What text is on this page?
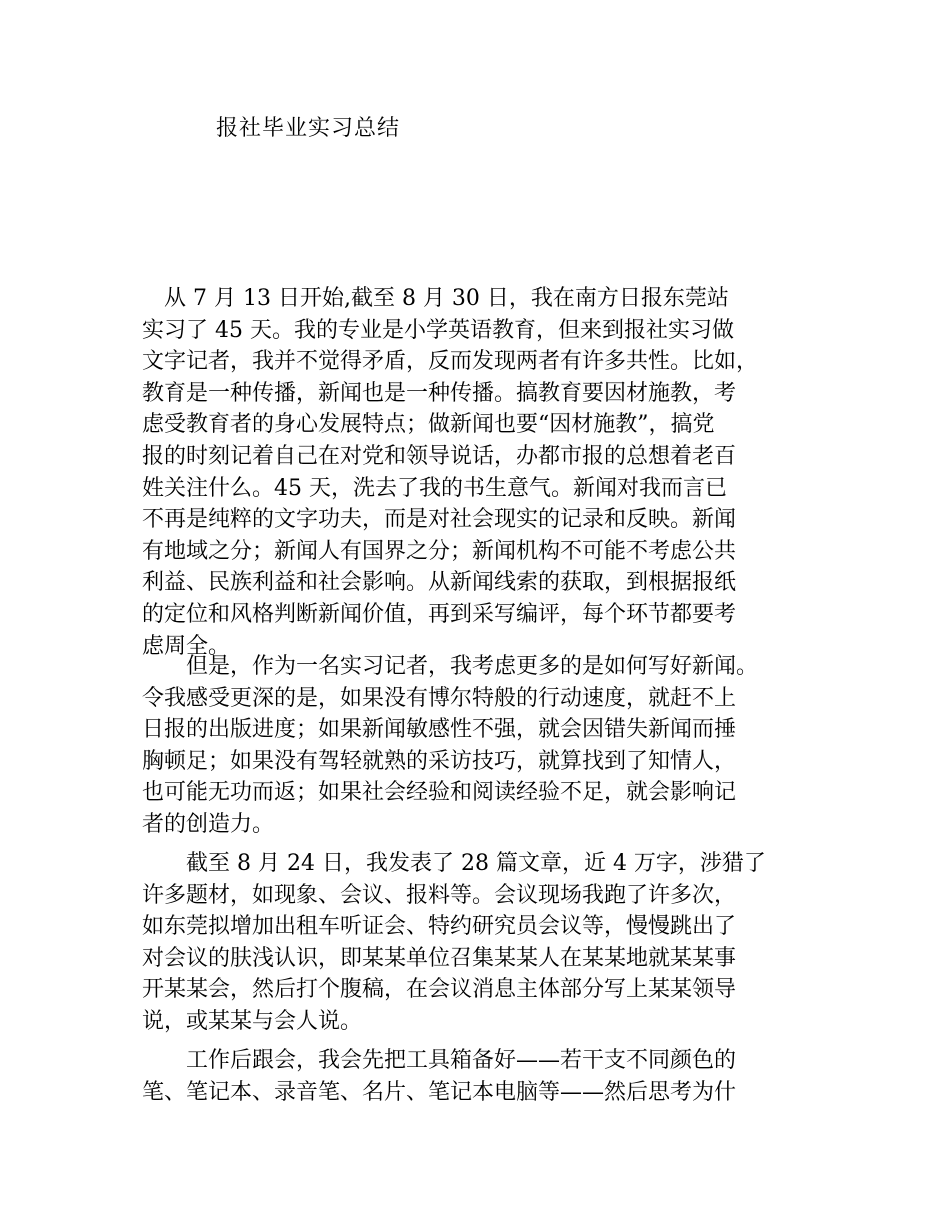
报社毕业实习总结
　从 7 月 13 日开始,截至 8 月 30 日，我在南方日报东莞站
实习了 45 天。我的专业是小学英语教育，但来到报社实习做
文字记者，我并不觉得矛盾，反而发现两者有许多共性。比如，
教育是一种传播，新闻也是一种传播。搞教育要因材施教，考
虑受教育者的身心发展特点；做新闻也要“因材施教”，搞党
报的时刻记着自己在对党和领导说话，办都市报的总想着老百
姓关注什么。45 天，洗去了我的书生意气。新闻对我而言已
不再是纯粹的文字功夫，而是对社会现实的记录和反映。新闻
有地域之分；新闻人有国界之分；新闻机构不可能不考虑公共
利益、民族利益和社会影响。从新闻线索的获取，到根据报纸
的定位和风格判断新闻价值，再到采写编评，每个环节都要考
虑周全。
　　但是，作为一名实习记者，我考虑更多的是如何写好新闻。
令我感受更深的是，如果没有博尔特般的行动速度，就赶不上
日报的出版进度；如果新闻敏感性不强，就会因错失新闻而捶
胸顿足；如果没有驾轻就熟的采访技巧，就算找到了知情人，
也可能无功而返；如果社会经验和阅读经验不足，就会影响记
者的创造力。
　　截至 8 月 24 日，我发表了 28 篇文章，近 4 万字，涉猎了
许多题材，如现象、会议、报料等。会议现场我跑了许多次，
如东莞拟增加出租车听证会、特约研究员会议等，慢慢跳出了
对会议的肤浅认识，即某某单位召集某某人在某某地就某某事
开某某会，然后打个腹稿，在会议消息主体部分写上某某领导
说，或某某与会人说。
　　工作后跟会，我会先把工具箱备好——若干支不同颜色的
笔、笔记本、录音笔、名片、笔记本电脑等——然后思考为什
